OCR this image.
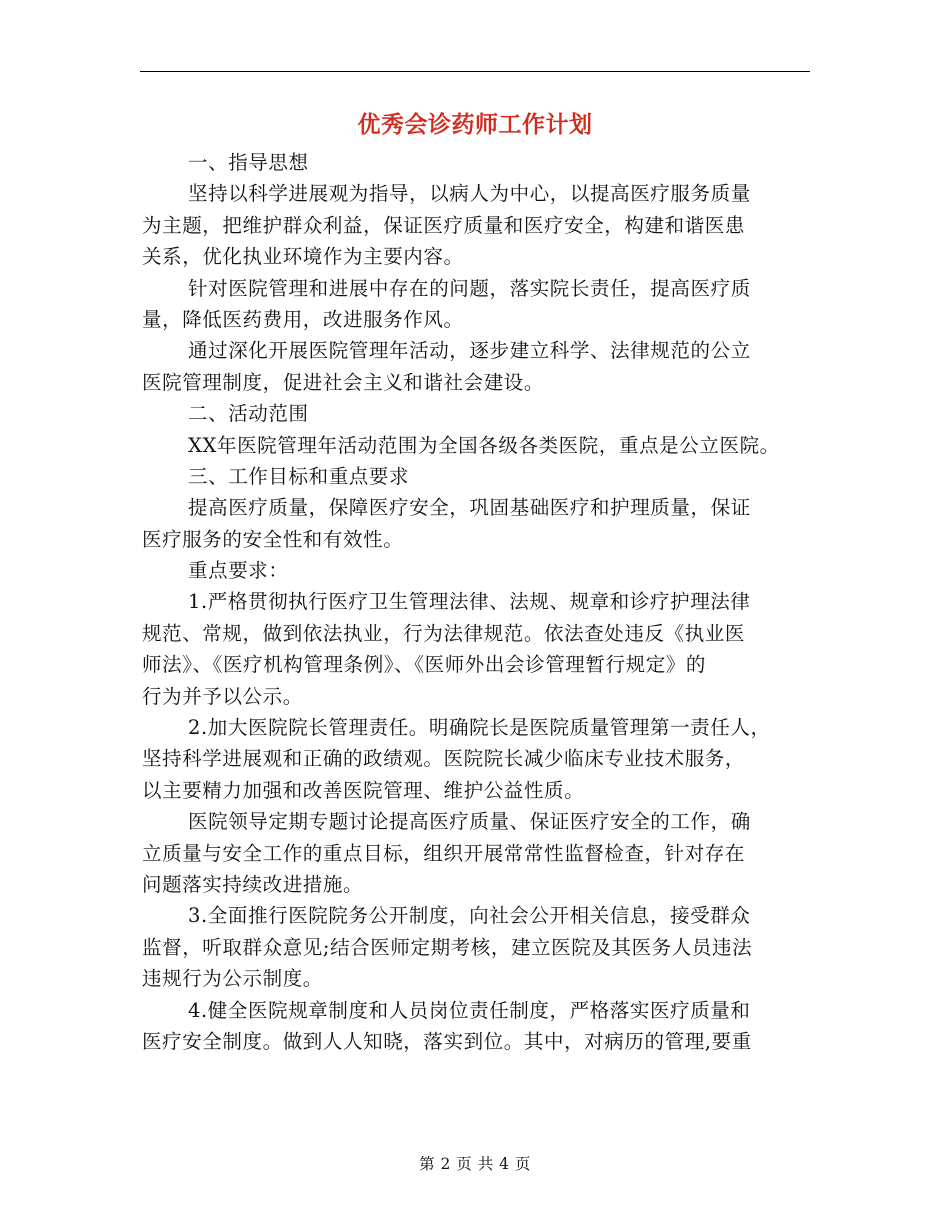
优秀会诊药师工作计划
一、指导思想
坚持以科学进展观为指导，以病人为中心，以提高医疗服务质量
为主题，把维护群众利益，保证医疗质量和医疗安全，构建和谐医患
关系，优化执业环境作为主要内容。
针对医院管理和进展中存在的问题，落实院长责任，提高医疗质
量，降低医药费用，改进服务作风。
通过深化开展医院管理年活动，逐步建立科学、法律规范的公立
医院管理制度，促进社会主义和谐社会建设。
二、活动范围
XX年医院管理年活动范围为全国各级各类医院，重点是公立医院。
三、工作目标和重点要求
提高医疗质量，保障医疗安全，巩固基础医疗和护理质量，保证
医疗服务的安全性和有效性。
重点要求：
1.严格贯彻执行医疗卫生管理法律、法规、规章和诊疗护理法律
规范、常规，做到依法执业，行为法律规范。依法查处违反《执业医
师法》、《医疗机构管理条例》、《医师外出会诊管理暂行规定》的
行为并予以公示。
2.加大医院院长管理责任。明确院长是医院质量管理第一责任人，
坚持科学进展观和正确的政绩观。医院院长减少临床专业技术服务，
以主要精力加强和改善医院管理、维护公益性质。
医院领导定期专题讨论提高医疗质量、保证医疗安全的工作，确
立质量与安全工作的重点目标，组织开展常常性监督检查，针对存在
问题落实持续改进措施。
3.全面推行医院院务公开制度，向社会公开相关信息，接受群众
监督，听取群众意见;结合医师定期考核，建立医院及其医务人员违法
违规行为公示制度。
4.健全医院规章制度和人员岗位责任制度，严格落实医疗质量和
医疗安全制度。做到人人知晓，落实到位。其中，对病历的管理,要重
第 2 页 共 4 页
